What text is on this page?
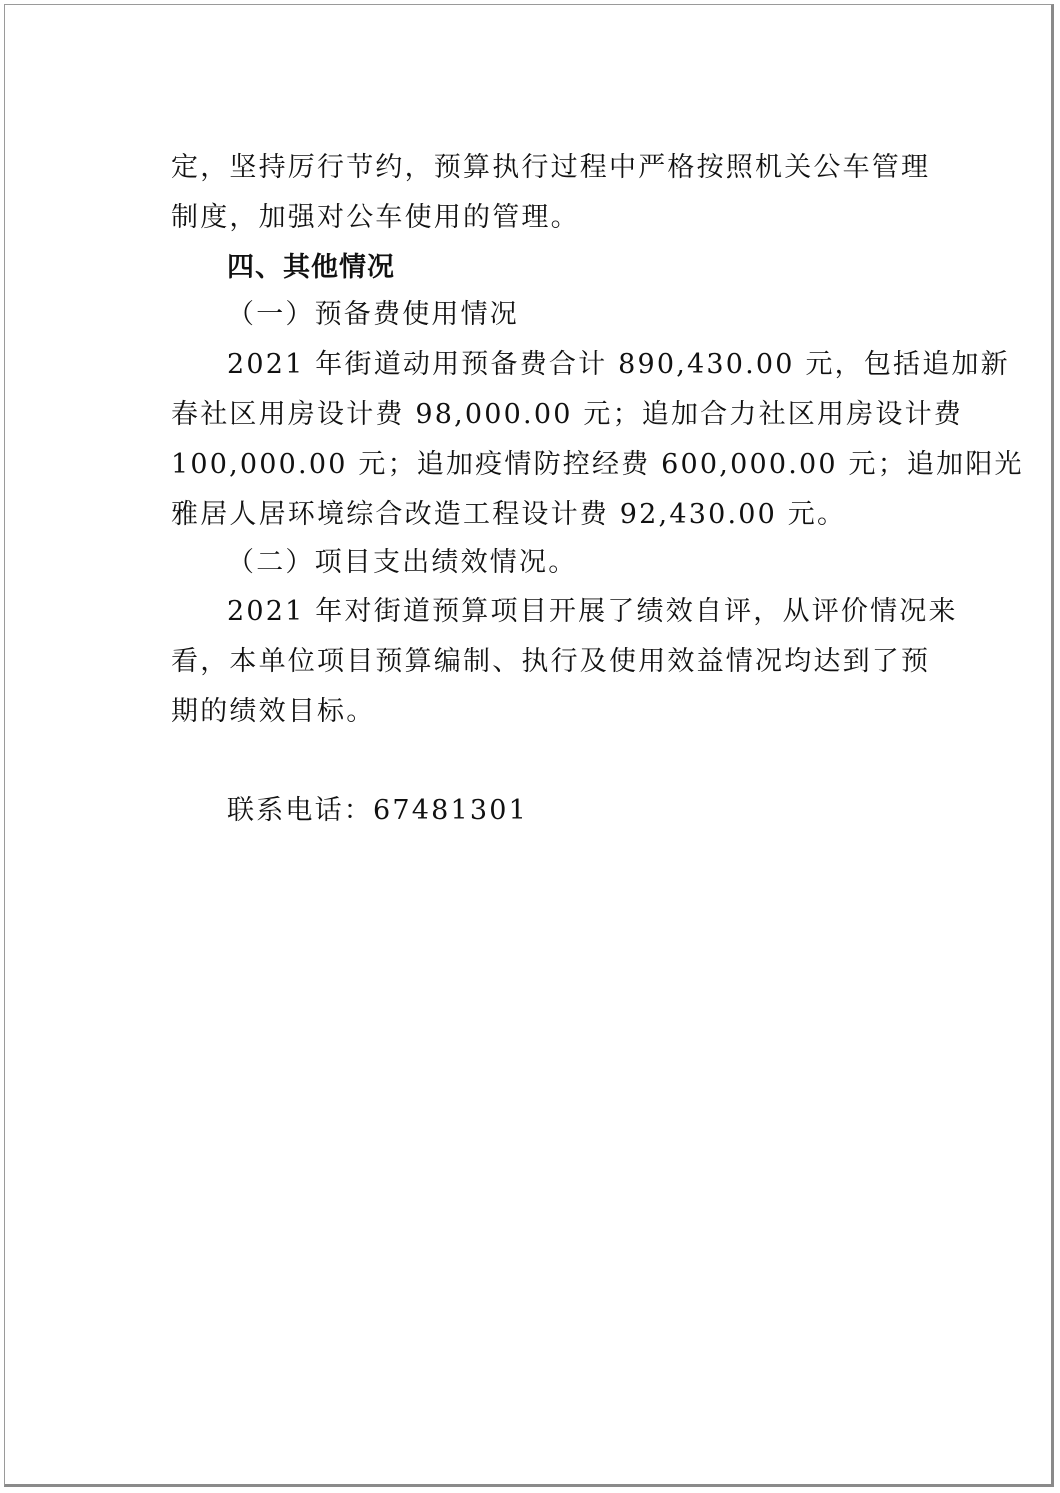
定，坚持厉行节约，预算执行过程中严格按照机关公车管理
制度，加强对公车使用的管理。
四、其他情况
（一）预备费使用情况
2021 年街道动用预备费合计 890,430.00 元，包括追加新
春社区用房设计费 98,000.00 元；追加合力社区用房设计费
100,000.00 元；追加疫情防控经费 600,000.00 元；追加阳光
雅居人居环境综合改造工程设计费 92,430.00 元。
（二）项目支出绩效情况。
2021 年对街道预算项目开展了绩效自评，从评价情况来
看，本单位项目预算编制、执行及使用效益情况均达到了预
期的绩效目标。
联系电话：67481301
